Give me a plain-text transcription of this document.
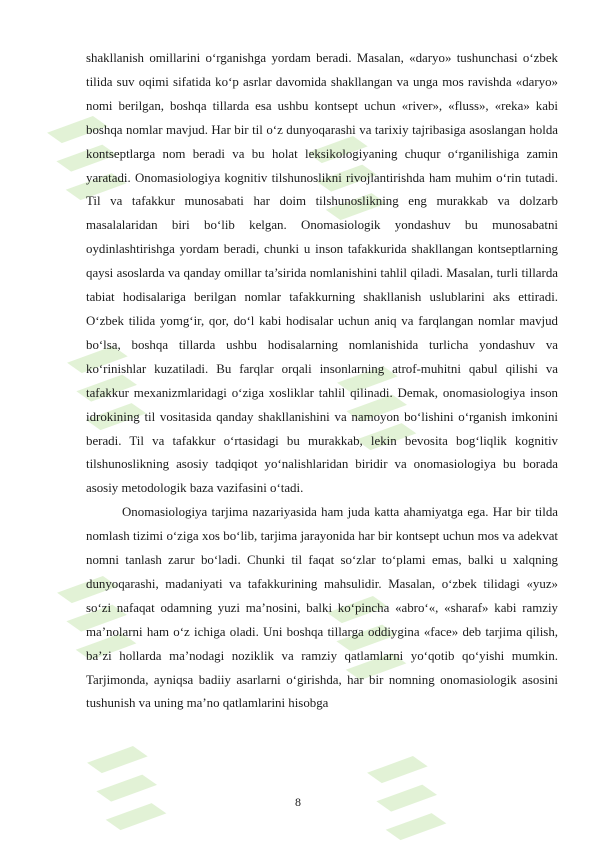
shakllanish omillarini o‘rganishga yordam beradi. Masalan, «daryo» tushunchasi o‘zbek tilida suv oqimi sifatida ko‘p asrlar davomida shakllangan va unga mos ravishda «daryo» nomi berilgan, boshqa tillarda esa ushbu kontsept uchun «river», «fluss», «reka» kabi boshqa nomlar mavjud. Har bir til o‘z dunyoqarashi va tarixiy tajribasiga asoslangan holda kontseptlarga nom beradi va bu holat leksikologiyaning chuqur o‘rganilishiga zamin yaratadi. Onomasiologiya kognitiv tilshunoslikni rivojlantirishda ham muhim o‘rin tutadi. Til va tafakkur munosabati har doim tilshunoslikning eng murakkab va dolzarb masalalaridan biri bo‘lib kelgan. Onomasiologik yondashuv bu munosabatni oydinlashtirishga yordam beradi, chunki u inson tafakkurida shakllangan kontseptlarning qaysi asoslarda va qanday omillar ta’sirida nomlanishini tahlil qiladi. Masalan, turli tillarda tabiat hodisalariga berilgan nomlar tafakkurning shakllanish uslublarini aks ettiradi. O‘zbek tilida yomg‘ir, qor, do‘l kabi hodisalar uchun aniq va farqlangan nomlar mavjud bo‘lsa, boshqa tillarda ushbu hodisalarning nomlanishida turlicha yondashuv va ko‘rinishlar kuzatiladi. Bu farqlar orqali insonlarning atrof-muhitni qabul qilishi va tafakkur mexanizmlaridagi o‘ziga xosliklar tahlil qilinadi. Demak, onomasiologiya inson idrokining til vositasida qanday shakllanishini va namoyon bo‘lishini o‘rganish imkonini beradi. Til va tafakkur o‘rtasidagi bu murakkab, lekin bevosita bog‘liqlik kognitiv tilshunoslikning asosiy tadqiqot yo‘nalishlaridan biridir va onomasiologiya bu borada asosiy metodologik baza vazifasini o‘tadi.

Onomasiologiya tarjima nazariyasida ham juda katta ahamiyatga ega. Har bir tilda nomlash tizimi o‘ziga xos bo‘lib, tarjima jarayonida har bir kontsept uchun mos va adekvat nomni tanlash zarur bo‘ladi. Chunki til faqat so‘zlar to‘plami emas, balki u xalqning dunyoqarashi, madaniyati va tafakkurining mahsulidir. Masalan, o‘zbek tilidagi «yuz» so‘zi nafaqat odamning yuzi ma’nosini, balki ko‘pincha «abro‘«, «sharaf» kabi ramziy ma’nolarni ham o‘z ichiga oladi. Uni boshqa tillarga oddiygina «face» deb tarjima qilish, ba’zi hollarda ma’nodagi noziklik va ramziy qatlamlarni yo‘qotib qo‘yishi mumkin. Tarjimonda, ayniqsa badiiy asarlarni o‘girishda, har bir nomning onomasiologik asosini tushunish va uning ma’no qatlamlarini hisobga

8
